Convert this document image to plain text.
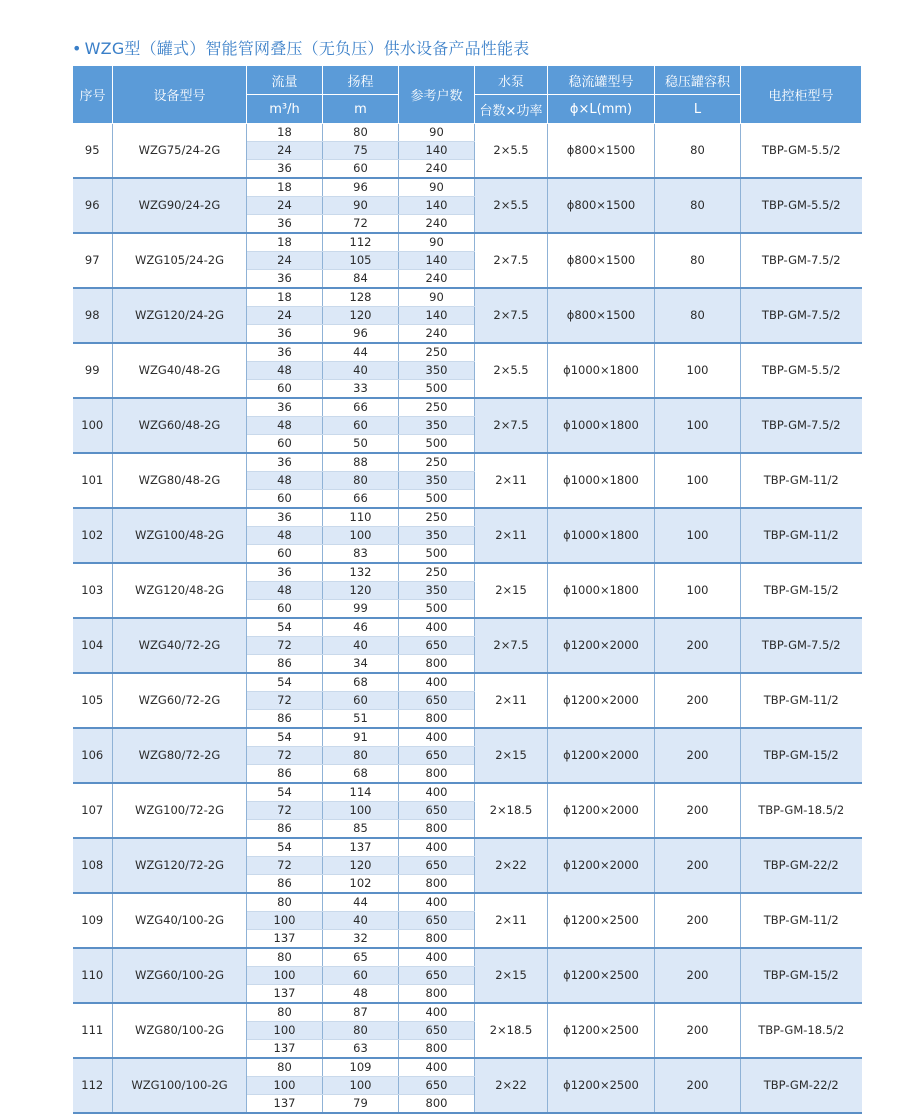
• WZG型（罐式）智能管网叠压（无负压）供水设备产品性能表
序号	设备型号	流量	扬程	参考户数	水泵	稳流罐型号	稳压罐容积	电控柜型号
		m³/h	m		台数×功率	ϕ×L(mm)	L	
95	WZG75/24-2G	18	80	90	2×5.5	ϕ800×1500	80	TBP-GM-5.5/2
		24	75	140				
		36	60	240				
96	WZG90/24-2G	18	96	90	2×5.5	ϕ800×1500	80	TBP-GM-5.5/2
		24	90	140				
		36	72	240				
97	WZG105/24-2G	18	112	90	2×7.5	ϕ800×1500	80	TBP-GM-7.5/2
		24	105	140				
		36	84	240				
98	WZG120/24-2G	18	128	90	2×7.5	ϕ800×1500	80	TBP-GM-7.5/2
		24	120	140				
		36	96	240				
99	WZG40/48-2G	36	44	250	2×5.5	ϕ1000×1800	100	TBP-GM-5.5/2
		48	40	350				
		60	33	500				
100	WZG60/48-2G	36	66	250	2×7.5	ϕ1000×1800	100	TBP-GM-7.5/2
		48	60	350				
		60	50	500				
101	WZG80/48-2G	36	88	250	2×11	ϕ1000×1800	100	TBP-GM-11/2
		48	80	350				
		60	66	500				
102	WZG100/48-2G	36	110	250	2×11	ϕ1000×1800	100	TBP-GM-11/2
		48	100	350				
		60	83	500				
103	WZG120/48-2G	36	132	250	2×15	ϕ1000×1800	100	TBP-GM-15/2
		48	120	350				
		60	99	500				
104	WZG40/72-2G	54	46	400	2×7.5	ϕ1200×2000	200	TBP-GM-7.5/2
		72	40	650				
		86	34	800				
105	WZG60/72-2G	54	68	400	2×11	ϕ1200×2000	200	TBP-GM-11/2
		72	60	650				
		86	51	800				
106	WZG80/72-2G	54	91	400	2×15	ϕ1200×2000	200	TBP-GM-15/2
		72	80	650				
		86	68	800				
107	WZG100/72-2G	54	114	400	2×18.5	ϕ1200×2000	200	TBP-GM-18.5/2
		72	100	650				
		86	85	800				
108	WZG120/72-2G	54	137	400	2×22	ϕ1200×2000	200	TBP-GM-22/2
		72	120	650				
		86	102	800				
109	WZG40/100-2G	80	44	400	2×11	ϕ1200×2500	200	TBP-GM-11/2
		100	40	650				
		137	32	800				
110	WZG60/100-2G	80	65	400	2×15	ϕ1200×2500	200	TBP-GM-15/2
		100	60	650				
		137	48	800				
111	WZG80/100-2G	80	87	400	2×18.5	ϕ1200×2500	200	TBP-GM-18.5/2
		100	80	650				
		137	63	800				
112	WZG100/100-2G	80	109	400	2×22	ϕ1200×2500	200	TBP-GM-22/2
		100	100	650				
		137	79	800				
